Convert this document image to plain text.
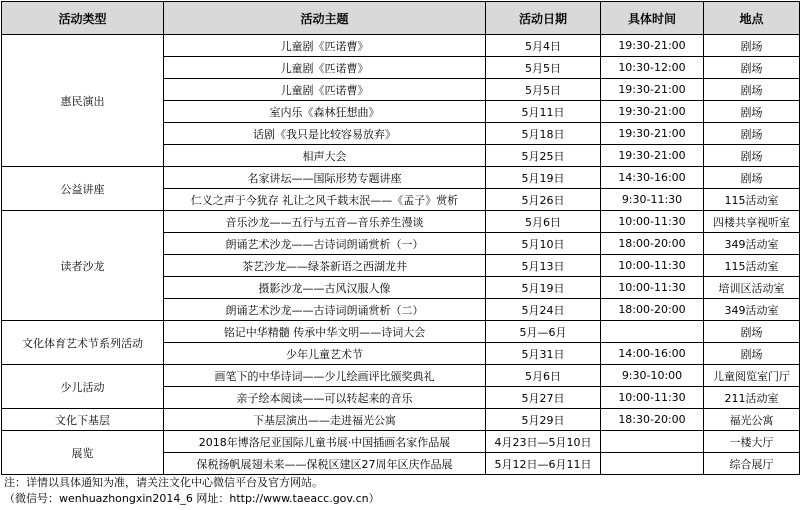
活动类型	活动主题	活动日期	具体时间	地点
惠民演出	儿童剧《匹诺曹》	5月4日	19:30-21:00	剧场
	儿童剧《匹诺曹》	5月5日	10:30-12:00	剧场
	儿童剧《匹诺曹》	5月5日	19:30-21:00	剧场
	室内乐《森林狂想曲》	5月11日	19:30-21:00	剧场
	话剧《我只是比较容易放弃》	5月18日	19:30-21:00	剧场
	相声大会	5月25日	19:30-21:00	剧场
公益讲座	名家讲坛——国际形势专题讲座	5月19日	14:30-16:00	剧场
	仁义之声于今犹存 礼让之风千载末泯——《孟子》赏析	5月26日	9:30-11:30	115活动室
读者沙龙	音乐沙龙——五行与五音—音乐养生漫谈	5月6日	10:00-11:30	四楼共享视听室
	朗诵艺术沙龙——古诗词朗诵赏析（一）	5月10日	18:00-20:00	349活动室
	茶艺沙龙——绿茶新语之西湖龙井	5月13日	10:00-11:30	115活动室
	摄影沙龙——古风汉服人像	5月19日	10:00-11:30	培训区活动室
	朗诵艺术沙龙——古诗词朗诵赏析（二）	5月24日	18:00-20:00	349活动室
文化体育艺术节系列活动	铭记中华精髓 传承中华文明——诗词大会	5月—6月		剧场
	少年儿童艺术节	5月31日	14:00-16:00	剧场
少儿活动	画笔下的中华诗词——少儿绘画评比颁奖典礼	5月6日	9:30-10:00	儿童阅览室门厅
	亲子绘本阅读——可以转起来的音乐	5月27日	10:00-11:30	211活动室
文化下基层	下基层演出——走进福光公寓	5月29日	18:30-20:00	福光公寓
展览	2018年博洛尼亚国际儿童书展·中国插画名家作品展	4月23日—5月10日		一楼大厅
	保税扬帆展翅未来——保税区建区27周年区庆作品展	5月12日—6月11日		综合展厅
注：详情以具体通知为准，请关注文化中心微信平台及官方网站。
（微信号：wenhuazhongxin2014_6 网址：http://www.taeacc.gov.cn）
